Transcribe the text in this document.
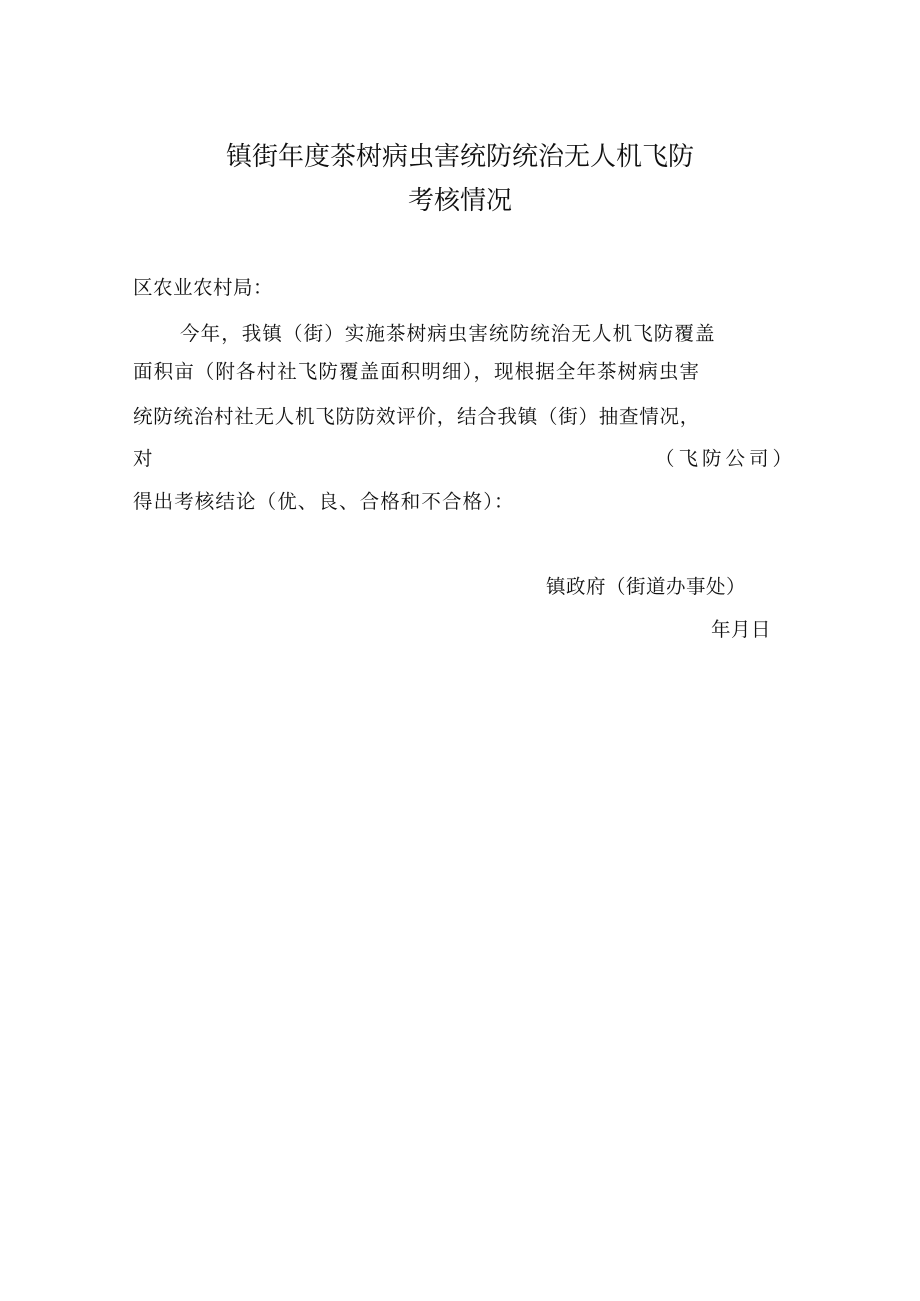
镇街年度茶树病虫害统防统治无人机飞防
考核情况
区农业农村局：
今年，我镇（街）实施茶树病虫害统防统治无人机飞防覆盖
面积亩（附各村社飞防覆盖面积明细），现根据全年茶树病虫害
统防统治村社无人机飞防防效评价，结合我镇（街）抽查情况，
对	（飞防公司）
得出考核结论（优、良、合格和不合格）：
镇政府（街道办事处）
年月日
